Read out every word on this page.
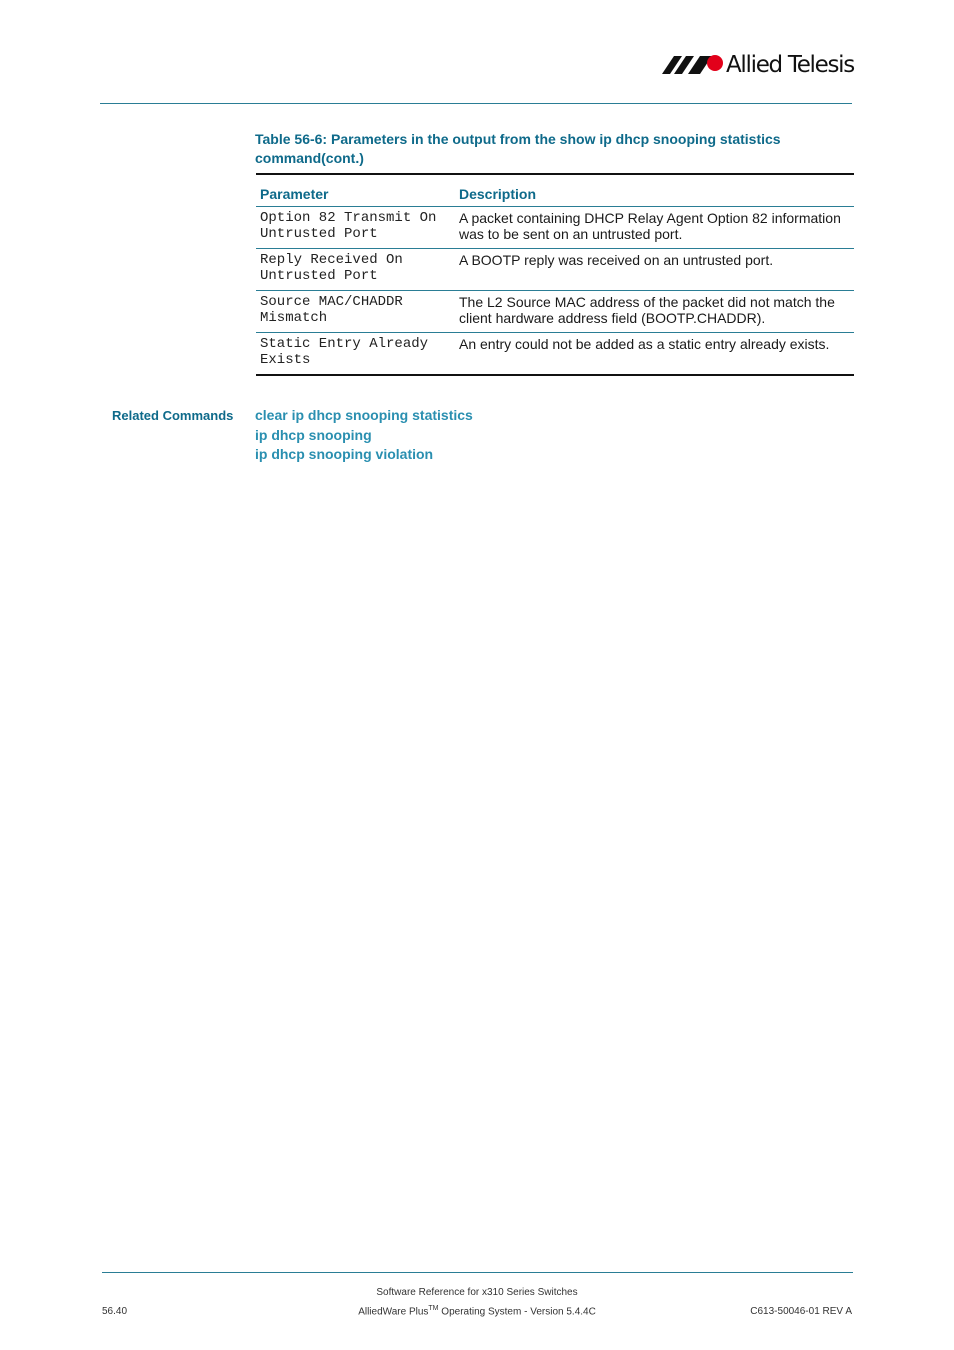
Allied Telesis
Table 56-6: Parameters in the output from the show ip dhcp snooping statistics command(cont.)
Parameter	Description
Option 82 Transmit On Untrusted Port	A packet containing DHCP Relay Agent Option 82 information was to be sent on an untrusted port.
Reply Received On Untrusted Port	A BOOTP reply was received on an untrusted port.
Source MAC/CHADDR Mismatch	The L2 Source MAC address of the packet did not match the client hardware address field (BOOTP.CHADDR).
Static Entry Already Exists	An entry could not be added as a static entry already exists.
Related Commands clear ip dhcp snooping statistics
ip dhcp snooping
ip dhcp snooping violation
Software Reference for x310 Series Switches
AlliedWare Plus™ Operating System - Version 5.4.4C
56.40	C613-50046-01 REV A
